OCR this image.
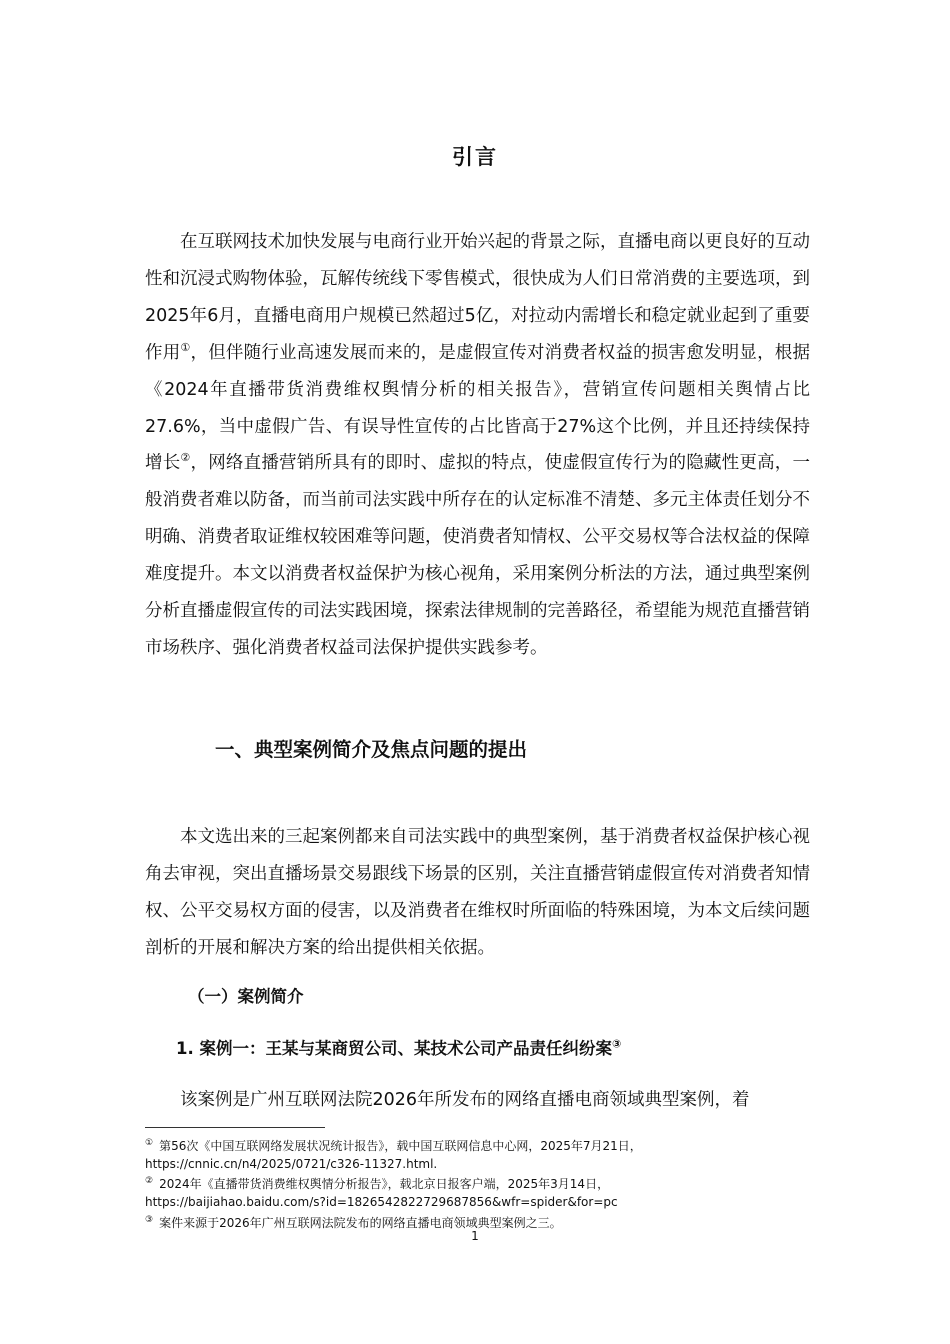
引言

在互联网技术加快发展与电商行业开始兴起的背景之际，直播电商以更良好的互动性和沉浸式购物体验，瓦解传统线下零售模式，很快成为人们日常消费的主要选项，到2025年6月，直播电商用户规模已然超过5亿，对拉动内需增长和稳定就业起到了重要作用①，但伴随行业高速发展而来的，是虚假宣传对消费者权益的损害愈发明显，根据《2024年直播带货消费维权舆情分析的相关报告》，营销宣传问题相关舆情占比27.6%，当中虚假广告、有误导性宣传的占比皆高于27%这个比例，并且还持续保持增长②，网络直播营销所具有的即时、虚拟的特点，使虚假宣传行为的隐藏性更高，一般消费者难以防备，而当前司法实践中所存在的认定标准不清楚、多元主体责任划分不明确、消费者取证维权较困难等问题，使消费者知情权、公平交易权等合法权益的保障难度提升。本文以消费者权益保护为核心视角，采用案例分析法的方法，通过典型案例分析直播虚假宣传的司法实践困境，探索法律规制的完善路径，希望能为规范直播营销市场秩序、强化消费者权益司法保护提供实践参考。

一、典型案例简介及焦点问题的提出

本文选出来的三起案例都来自司法实践中的典型案例，基于消费者权益保护核心视角去审视，突出直播场景交易跟线下场景的区别，关注直播营销虚假宣传对消费者知情权、公平交易权方面的侵害，以及消费者在维权时所面临的特殊困境，为本文后续问题剖析的开展和解决方案的给出提供相关依据。

（一）案例简介
1. 案例一：王某与某商贸公司、某技术公司产品责任纠纷案③

该案例是广州互联网法院2026年所发布的网络直播电商领域典型案例，着

① 第56次《中国互联网络发展状况统计报告》，载中国互联网信息中心网，2025年7月21日，
https://cnnic.cn/n4/2025/0721/c326-11327.html.

② 2024年《直播带货消费维权舆情分析报告》，载北京日报客户端，2025年3月14日，
https://baijiahao.baidu.com/s?id=1826542822729687856&wfr=spider&for=pc

③ 案件来源于2026年广州互联网法院发布的网络直播电商领域典型案例之三。

1
